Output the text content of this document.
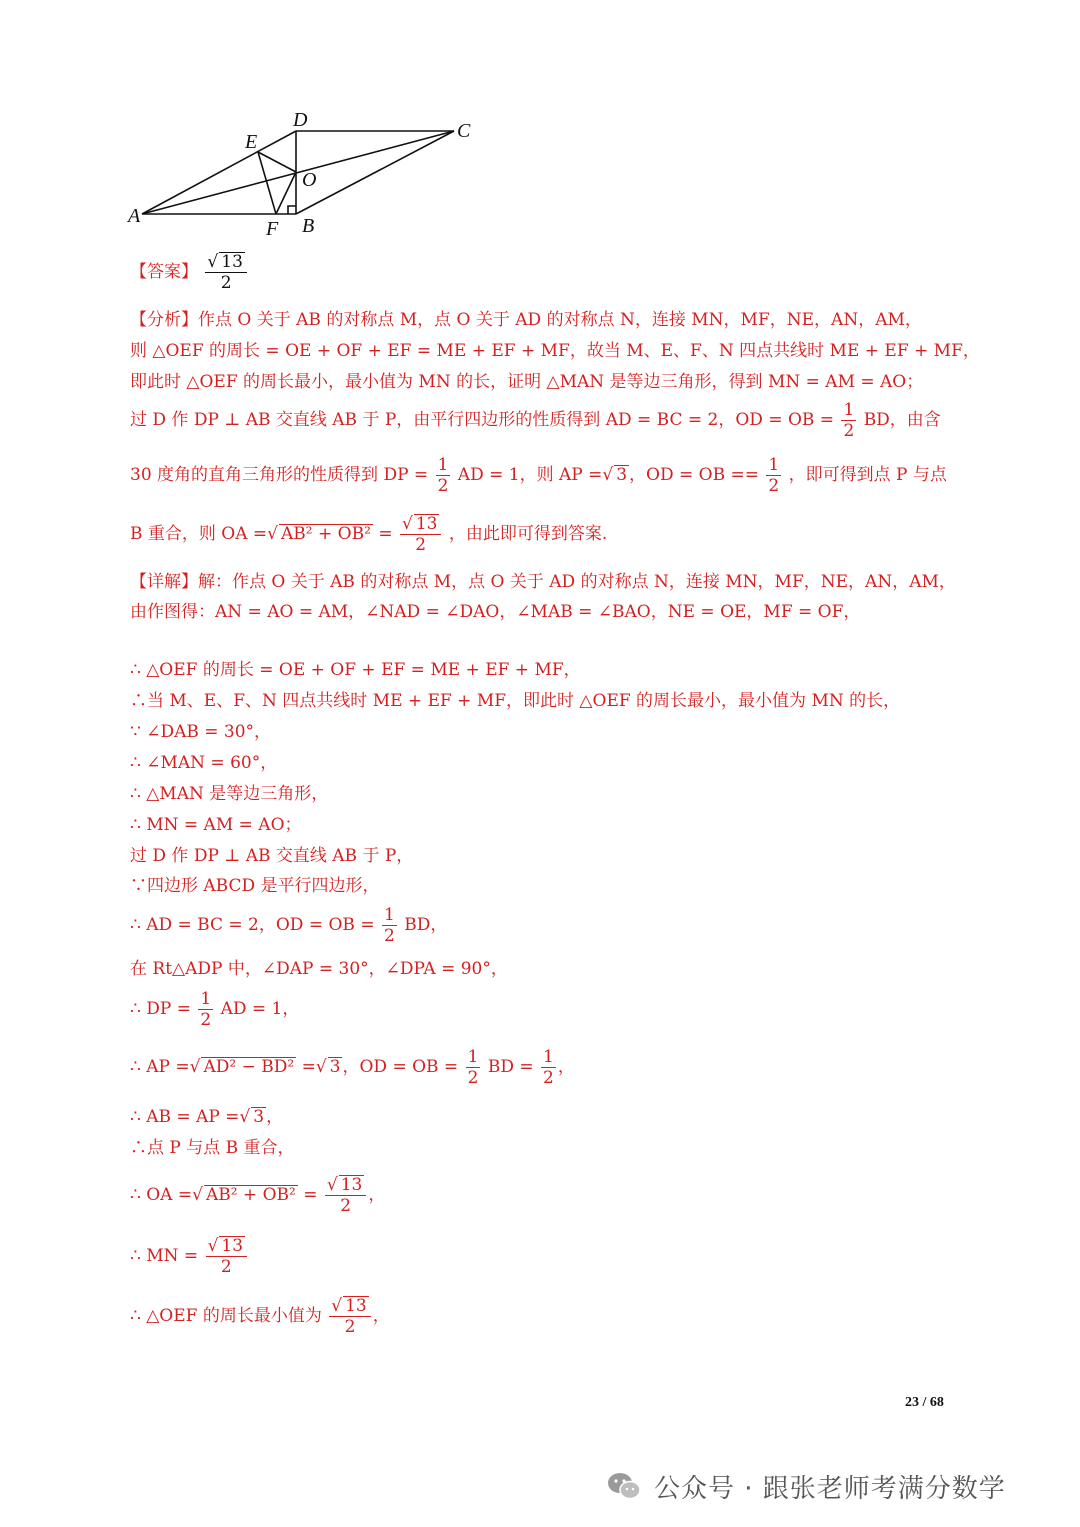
A	B
C
D
E
F
O
【答案】 $\frac{√ 13}{2}$
【分析】作点 O 关于 AB 的对称点 M，点 O 关于 AD 的对称点 N，连接 MN，MF，NE，AN，AM，
则 △OEF 的周长 = OE + OF + EF = ME + EF + MF，故当 M、E、F、N 四点共线时 ME + EF + MF，
即此时 △OEF 的周长最小，最小值为 MN 的长，证明 △MAN 是等边三角形，得到 MN = AM = AO；
过 D 作 DP ⊥ AB 交直线 AB 于 P，由平行四边形的性质得到 AD = BC = 2，OD = OB = $\frac{1}{2}$ BD，由含
30 度角的直角三角形的性质得到 DP = $\frac{1}{2}$ AD = 1，则 AP =√ 3 ，OD = OB == $\frac{1}{2}$ ，即可得到点 P 与点
B 重合，则 OA =√ $AB^2 + OB^2 = \frac{√ 13}{2}$ ，由此即可得到答案.
【详解】解：作点 O 关于 AB 的对称点 M，点 O 关于 AD 的对称点 N，连接 MN，MF，NE，AN，AM，
由作图得：AN = AO = AM，∠NAD = ∠DAO，∠MAB = ∠BAO，NE = OE，MF = OF，
∴ △OEF 的周长 = OE + OF + EF = ME + EF + MF，
∴当 M、E、F、N 四点共线时 ME + EF + MF，即此时 △OEF 的周长最小，最小值为 MN 的长，
∵ ∠DAB = 30°，
∴ ∠MAN = 60°，
∴ △MAN 是等边三角形，
∴ MN = AM = AO；
过 D 作 DP ⊥ AB 交直线 AB 于 P，
∵四边形 ABCD 是平行四边形，
∴ AD = BC = 2，OD = OB = $\frac{1}{2}$ BD，
在 Rt△ADP 中，∠DAP = 30°，∠DPA = 90°，
∴ DP = $\frac{1}{2}$ AD = 1，
∴ AP =√ AD² − BD² =√ 3 ，OD = OB = $\frac{1}{2}$ BD = $\frac{1}{2}$ ，
∴ AB = AP =√ 3 ，
∴点 P 与点 B 重合，
∴ OA =√ $AB^2 + OB^2 = \frac{√ 13}{2}$ ，
∴ MN = $\frac{√ 13}{2}$
∴ △OEF 的周长最小值为 $\frac{√ 13}{2}$ ，
23 / 68
公众号 · 跟张老师考满分数学
